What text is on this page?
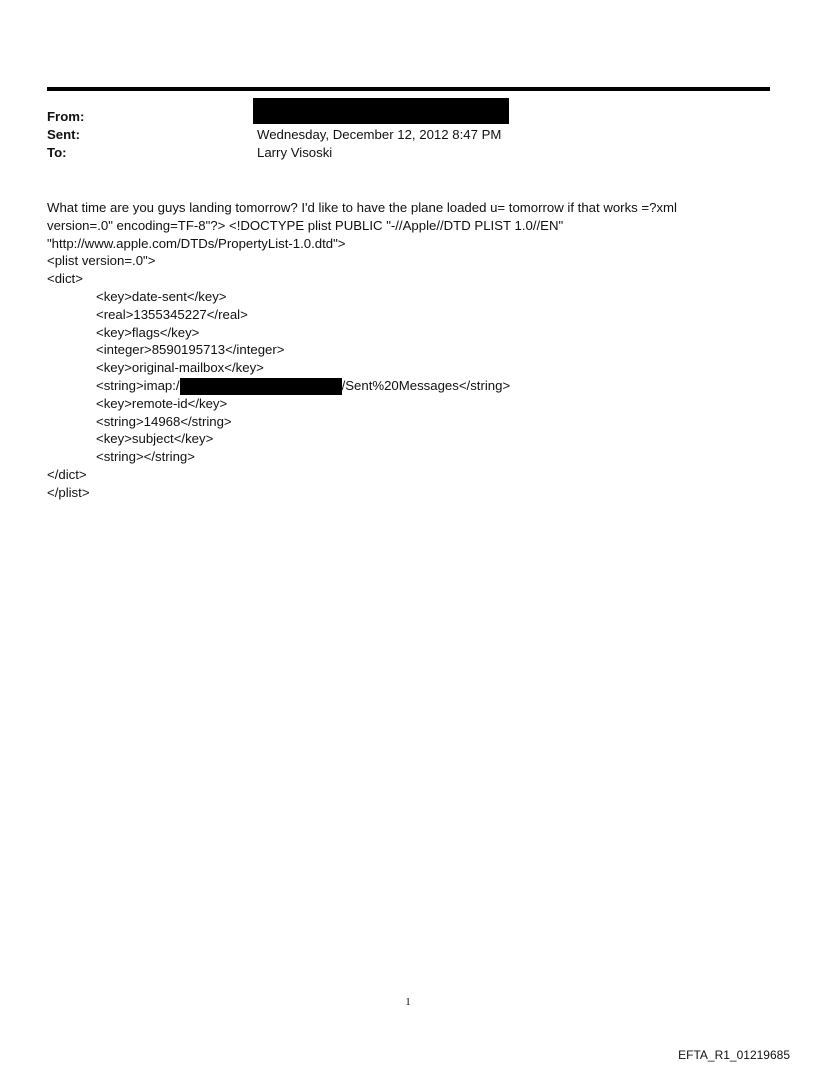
From:
Sent:	Wednesday, December 12, 2012 8:47 PM
To:	Larry Visoski
What time are you guys landing tomorrow? I'd like to have the plane loaded u= tomorrow if that works =?xml
version=.0" encoding=TF-8"?> <!DOCTYPE plist PUBLIC "-//Apple//DTD PLIST 1.0//EN"
"http://www.apple.com/DTDs/PropertyList-1.0.dtd">
<plist version=.0">
<dict>
<key>date-sent</key>
<real>1355345227</real>
<key>flags</key>
<integer>8590195713</integer>
<key>original-mailbox</key>
<string>imap:/	/Sent%20Messages</string>
<key>remote-id</key>
<string>14968</string>
<key>subject</key>
<string></string>
</dict>
</plist>
1
EFTA_R1_01219685
